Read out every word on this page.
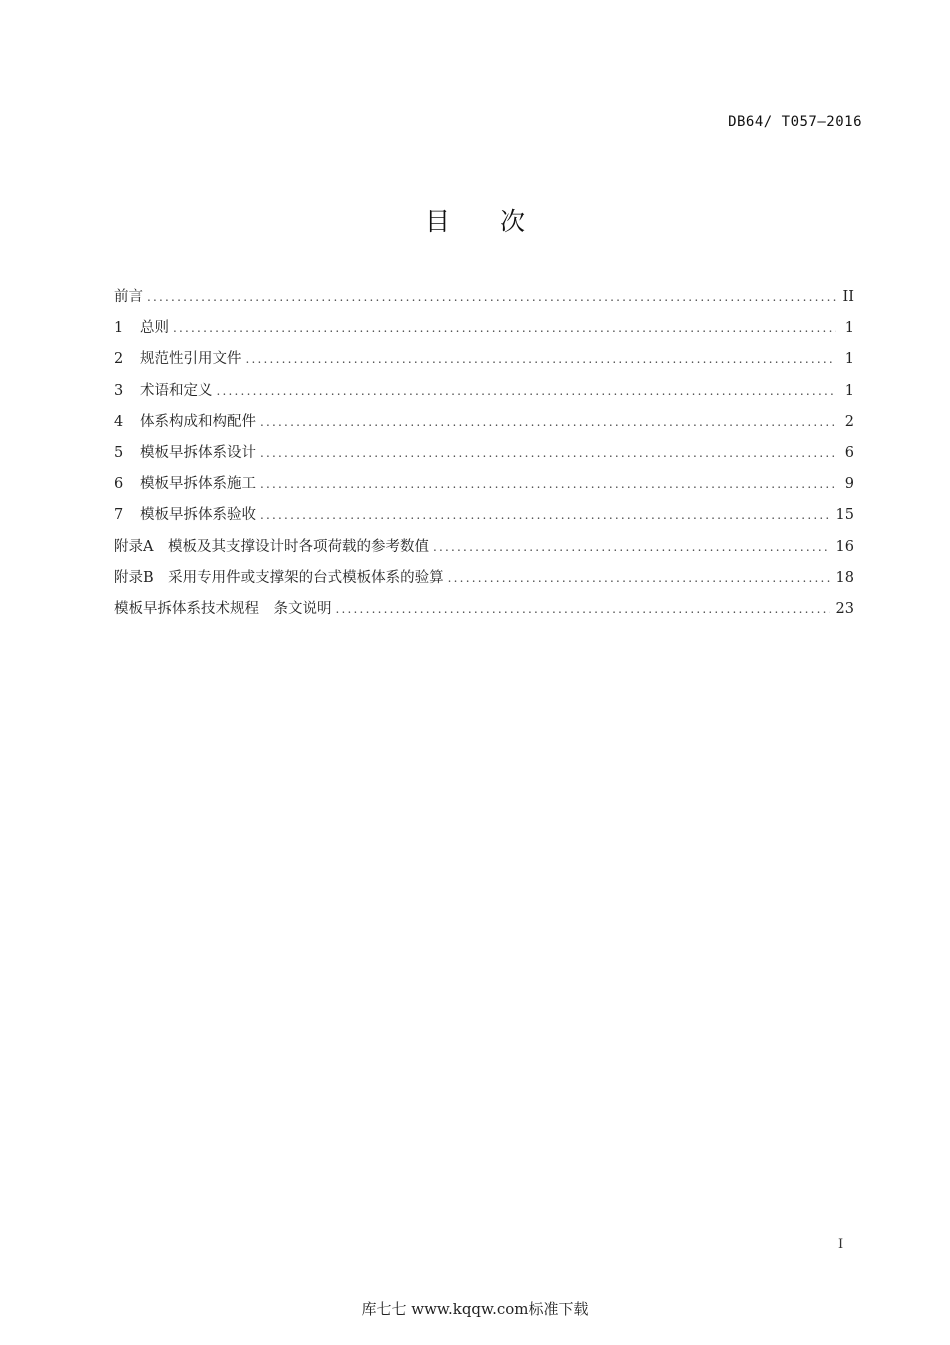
DB64/ T057—2016
目 次
前言 .....	II
1	总则 .....	1
2	规范性引用文件 .....	1
3	术语和定义 .....	1
4	体系构成和构配件 .....	2
5	模板早拆体系设计 .....	6
6	模板早拆体系施工 .....	9
7	模板早拆体系验收 .....	15
附录A　模板及其支撑设计时各项荷载的参考数值 .....	16
附录B　采用专用件或支撑架的台式模板体系的验算 .....	18
模板早拆体系技术规程　条文说明 .....	23
I
库七七 www.kqqw.com标准下载
